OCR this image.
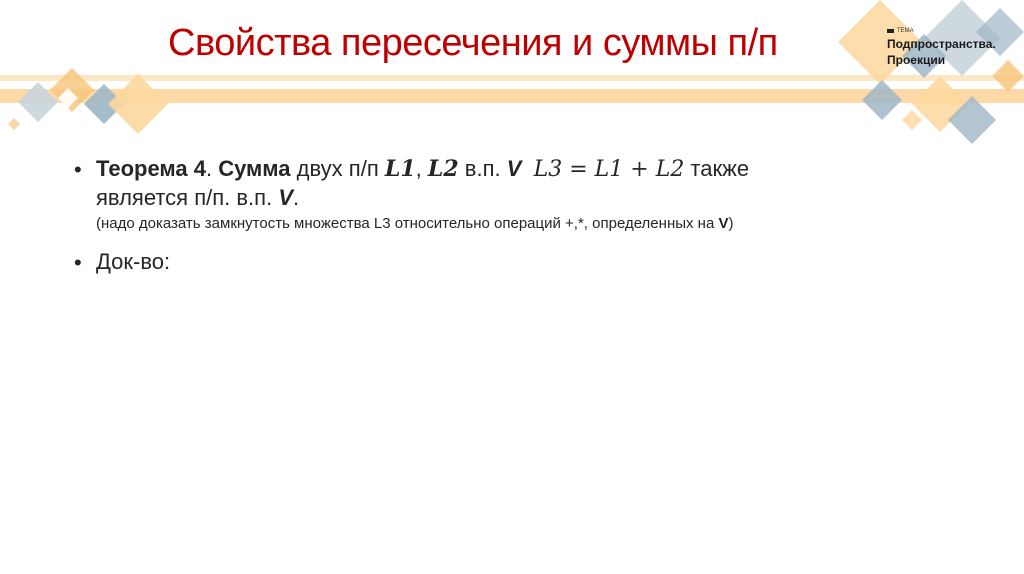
Свойства пересечения и суммы п/п	ТЕМА
Подпространства.
Проекции
• Теорема 4. Сумма двух п/п L1, L2 в.п. V L3 = L1 + L2 также
является п/п. в.п. V.
(надо доказать замкнутость множества L3 относительно операций +,*, определенных на V)
• Док-во:
